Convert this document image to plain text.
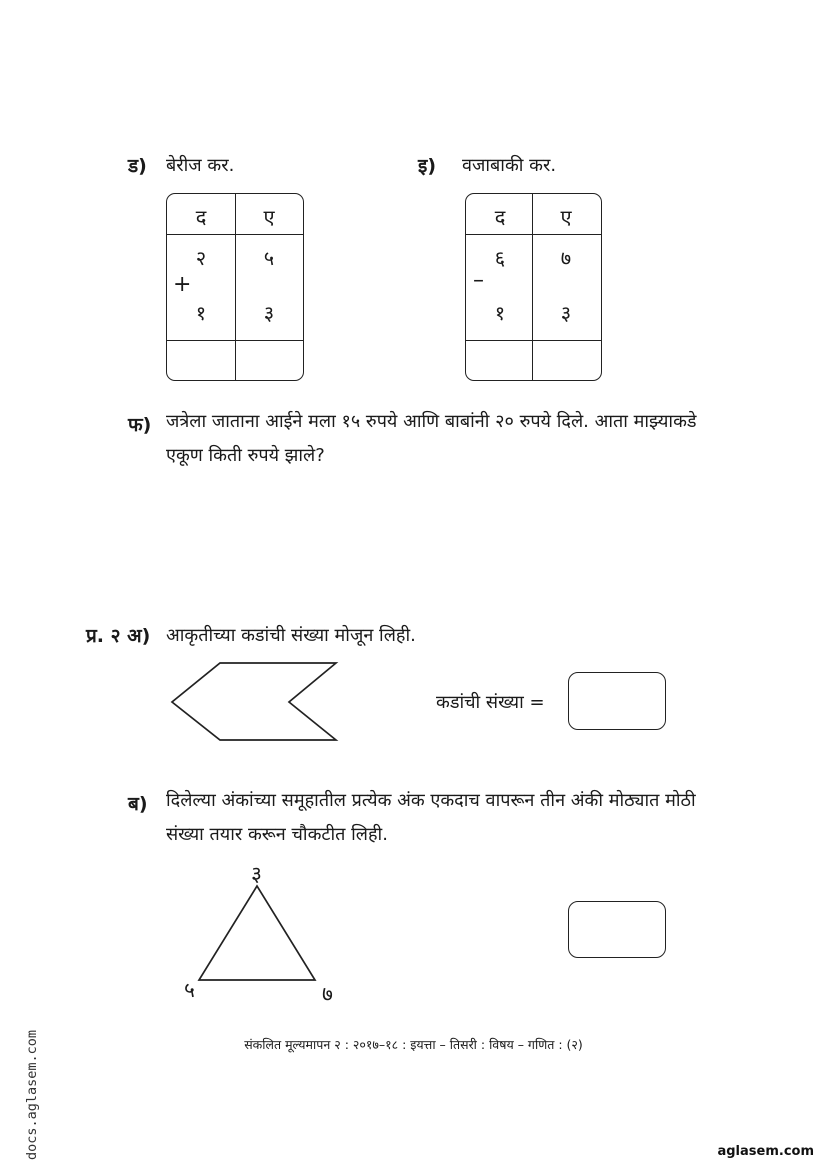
ड) बेरीज कर.
द	ए
२	५
+
१	३
इ) वजाबाकी कर.
द	ए
६	७
–
१	३
फ) जत्रेला जाताना आईने मला १५ रुपये आणि बाबांनी २० रुपये दिले. आता माझ्याकडे
एकूण किती रुपये झाले?
प्र. २ अ) आकृतीच्या कडांची संख्या मोजून लिही.
कडांची संख्या =
ब) दिलेल्या अंकांच्या समूहातील प्रत्येक अंक एकदाच वापरून तीन अंकी मोठ्यात मोठी
संख्या तयार करून चौकटीत लिही.
३
५	७
संकलित मूल्यमापन २ : २०१७–१८ : इयत्ता – तिसरी : विषय – गणित : (२)
docs.aglasem.com	aglasem.com
